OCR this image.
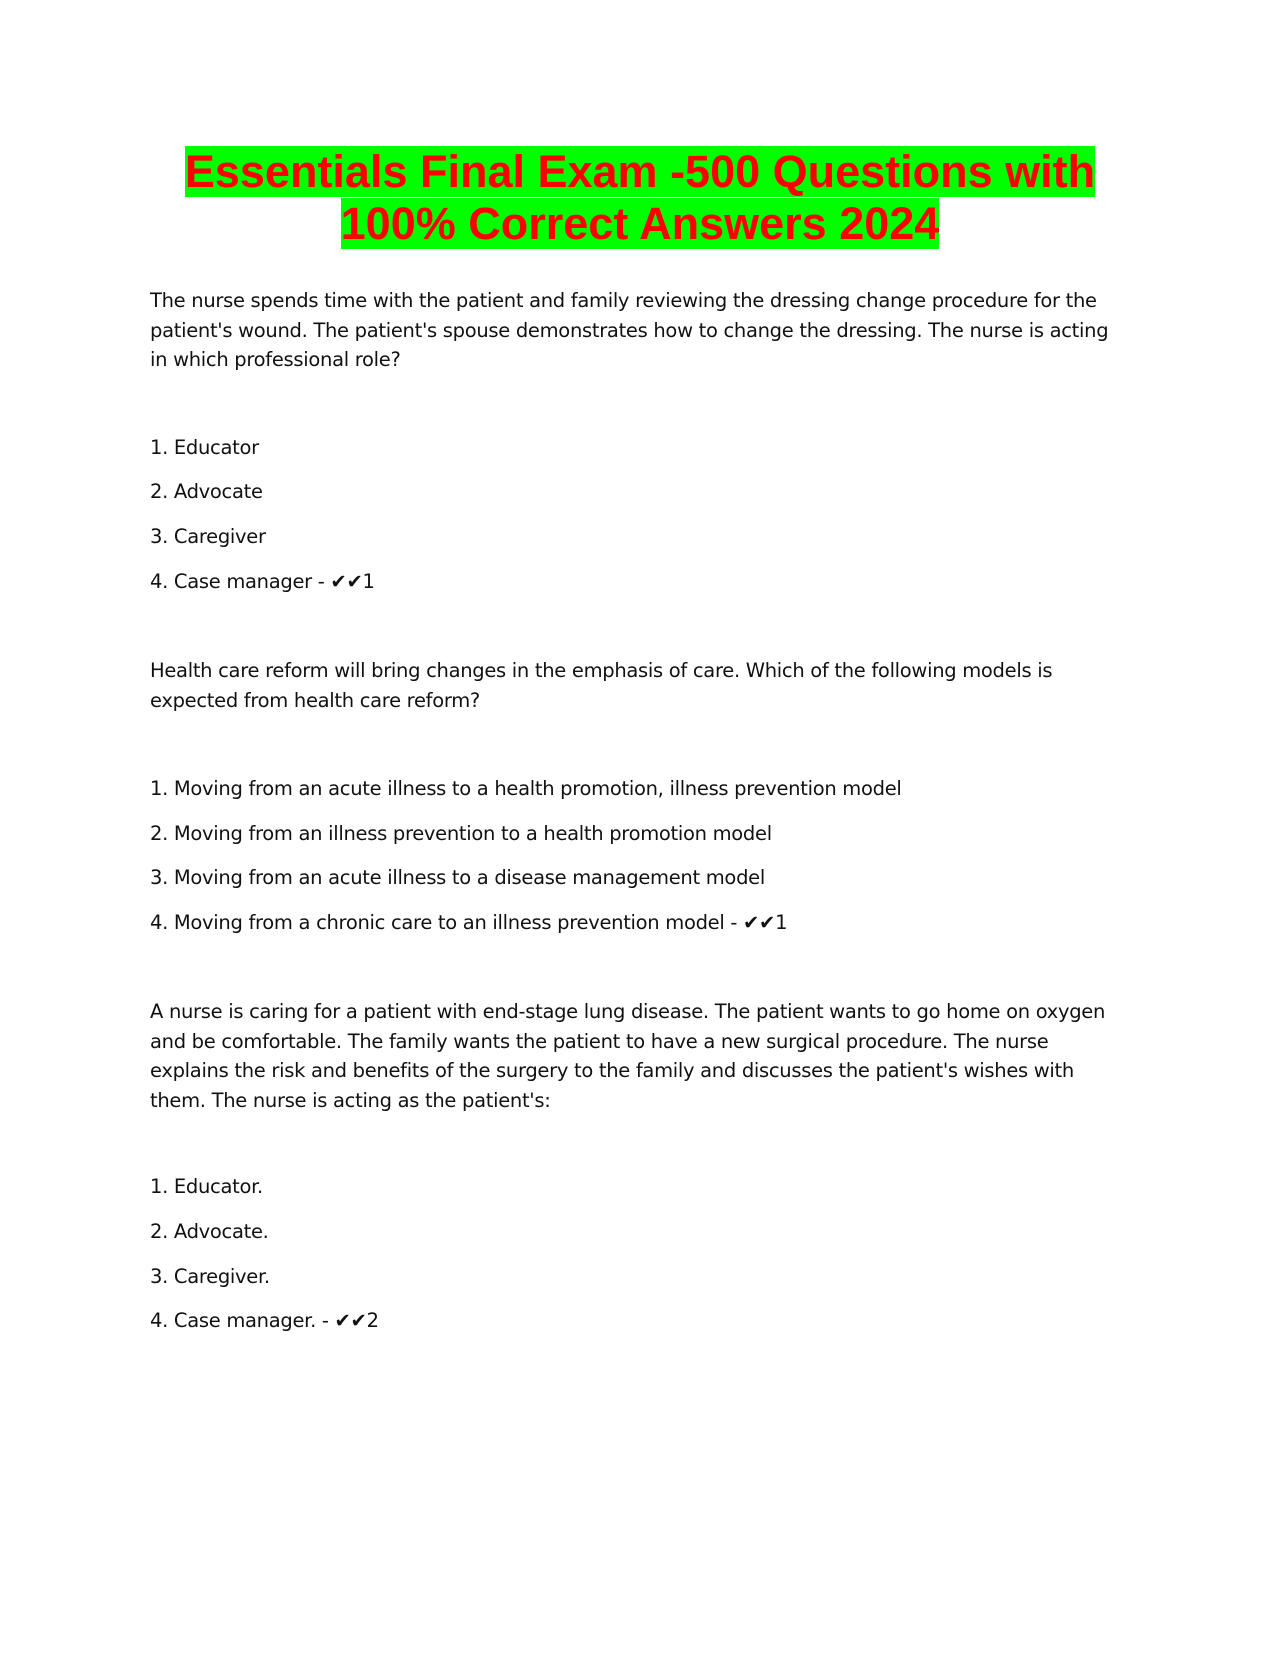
Essentials Final Exam -500 Questions with
100% Correct Answers 2024
The nurse spends time with the patient and family reviewing the dressing change procedure for the patient's wound. The patient's spouse demonstrates how to change the dressing. The nurse is acting in which professional role?
1. Educator
2. Advocate
3. Caregiver
4. Case manager - ✔✔1
Health care reform will bring changes in the emphasis of care. Which of the following models is expected from health care reform?
1. Moving from an acute illness to a health promotion, illness prevention model
2. Moving from an illness prevention to a health promotion model
3. Moving from an acute illness to a disease management model
4. Moving from a chronic care to an illness prevention model - ✔✔1
A nurse is caring for a patient with end-stage lung disease. The patient wants to go home on oxygen and be comfortable. The family wants the patient to have a new surgical procedure. The nurse explains the risk and benefits of the surgery to the family and discusses the patient's wishes with them. The nurse is acting as the patient's:
1. Educator.
2. Advocate.
3. Caregiver.
4. Case manager. - ✔✔2
